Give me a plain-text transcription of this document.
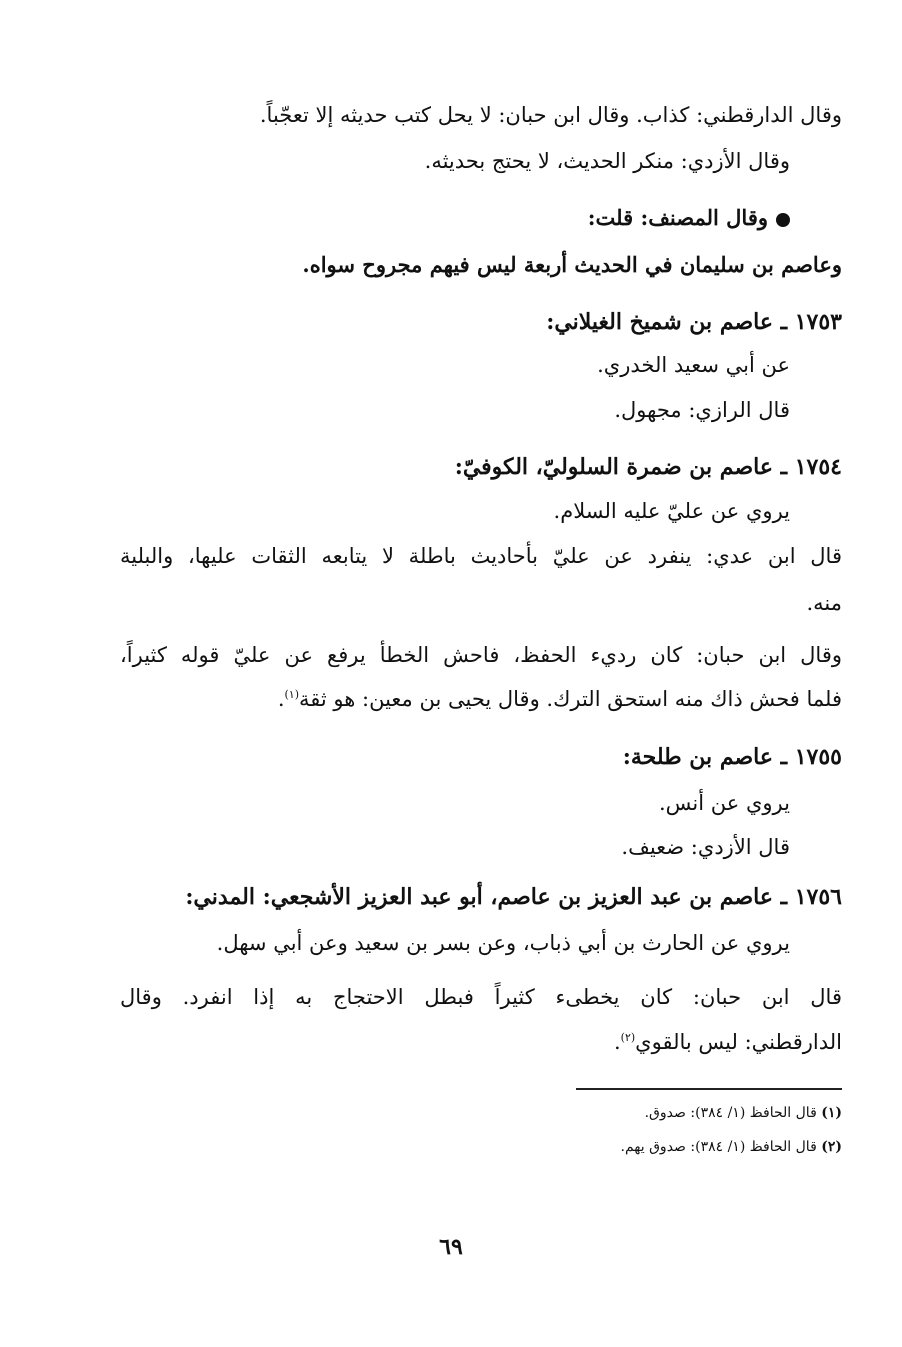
وقال الدارقطني: كذاب. وقال ابن حبان: لا يحل كتب حديثه إلا تعجّباً.
وقال الأزدي: منكر الحديث، لا يحتج بحديثه.
وقال المصنف: قلت:
وعاصم بن سليمان في الحديث أربعة ليس فيهم مجروح سواه.
١٧٥٣ ـ عاصم بن شميخ الغيلاني:
عن أبي سعيد الخدري.
قال الرازي: مجهول.
١٧٥٤ ـ عاصم بن ضمرة السلوليّ، الكوفيّ:
يروي عن عليّ عليه السلام.
قال ابن عدي: ينفرد عن عليّ بأحاديث باطلة لا يتابعه الثقات عليها، والبلية
منه.
وقال ابن حبان: كان رديء الحفظ، فاحش الخطأ يرفع عن عليّ قوله كثيراً،
فلما فحش ذاك منه استحق الترك. وقال يحيى بن معين: هو ثقة$^{(١)}$.
١٧٥٥ ـ عاصم بن طلحة:
يروي عن أنس.
قال الأزدي: ضعيف.
١٧٥٦ ـ عاصم بن عبد العزيز بن عاصم، أبو عبد العزيز الأشجعي: المدني:
يروي عن الحارث بن أبي ذباب، وعن بسر بن سعيد وعن أبي سهل.
قال ابن حبان: كان يخطىء كثيراً فبطل الاحتجاج به إذا انفرد. وقال
الدارقطني: ليس بالقوي$^{(٢)}$.
(١) قال الحافظ (١/ ٣٨٤): صدوق.
(٢) قال الحافظ (١/ ٣٨٤): صدوق يهم.
٦٩
